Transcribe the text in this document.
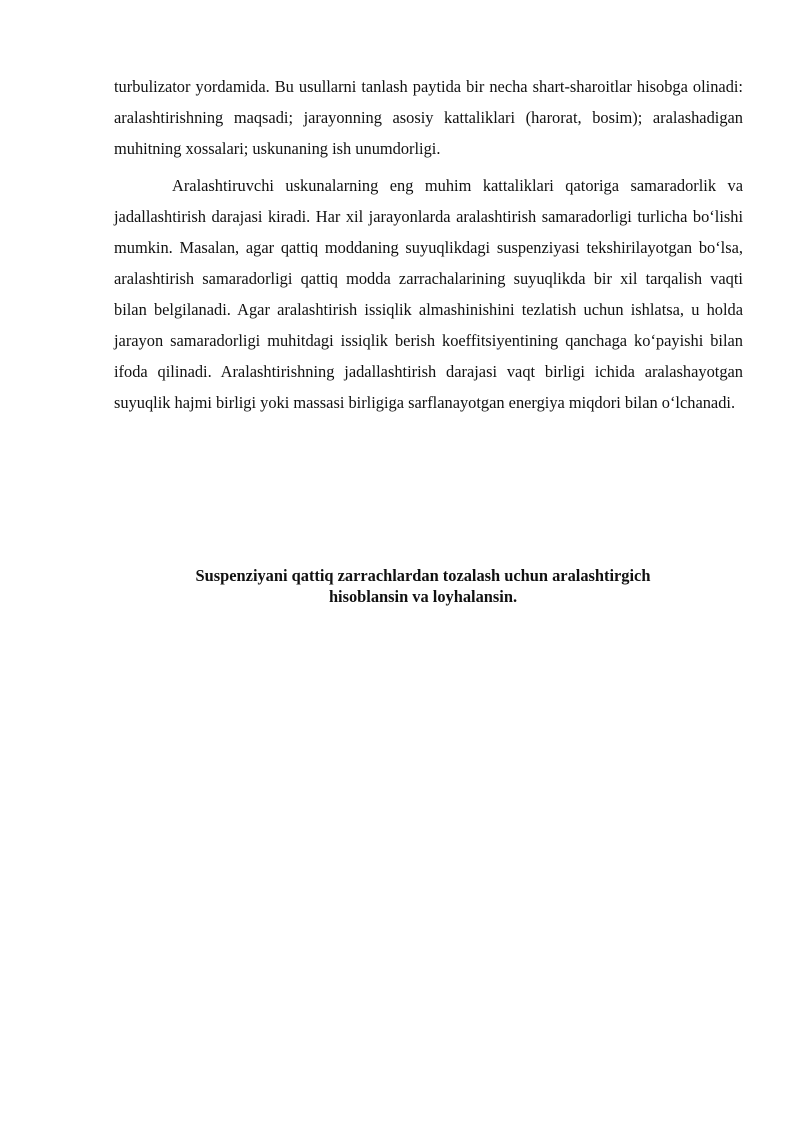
turbulizator yordamida. Bu usullarni tanlash paytida bir necha shart-sharoitlar hisobga olinadi: aralashtirishning maqsadi; jarayonning asosiy kattaliklari (harorat, bosim); aralashadigan muhitning xossalari; uskunaning ish unumdorligi.

Aralashtiruvchi uskunalarning eng muhim kattaliklari qatoriga samaradorlik va jadallashtirish darajasi kiradi. Har xil jarayonlarda aralashtirish samaradorligi turlicha bo‘lishi mumkin. Masalan, agar qattiq moddaning suyuqlikdagi suspenziyasi tekshirilayotgan bo‘lsa, aralashtirish samaradorligi qattiq modda zarrachalarining suyuqlikda bir xil tarqalish vaqti bilan belgilanadi. Agar aralashtirish issiqlik almashinishini tezlatish uchun ishlatsa, u holda jarayon samaradorligi muhitdagi issiqlik berish koeffitsiyentining qanchaga ko‘payishi bilan ifoda qilinadi. Aralashtirishning jadallashtirish darajasi vaqt birligi ichida aralashayotgan suyuqlik hajmi birligi yoki massasi birligiga sarflanayotgan energiya miqdori bilan o‘lchanadi.

Suspenziyani qattiq zarrachlardan tozalash uchun aralashtirgich hisoblansin va loyhalansin.
